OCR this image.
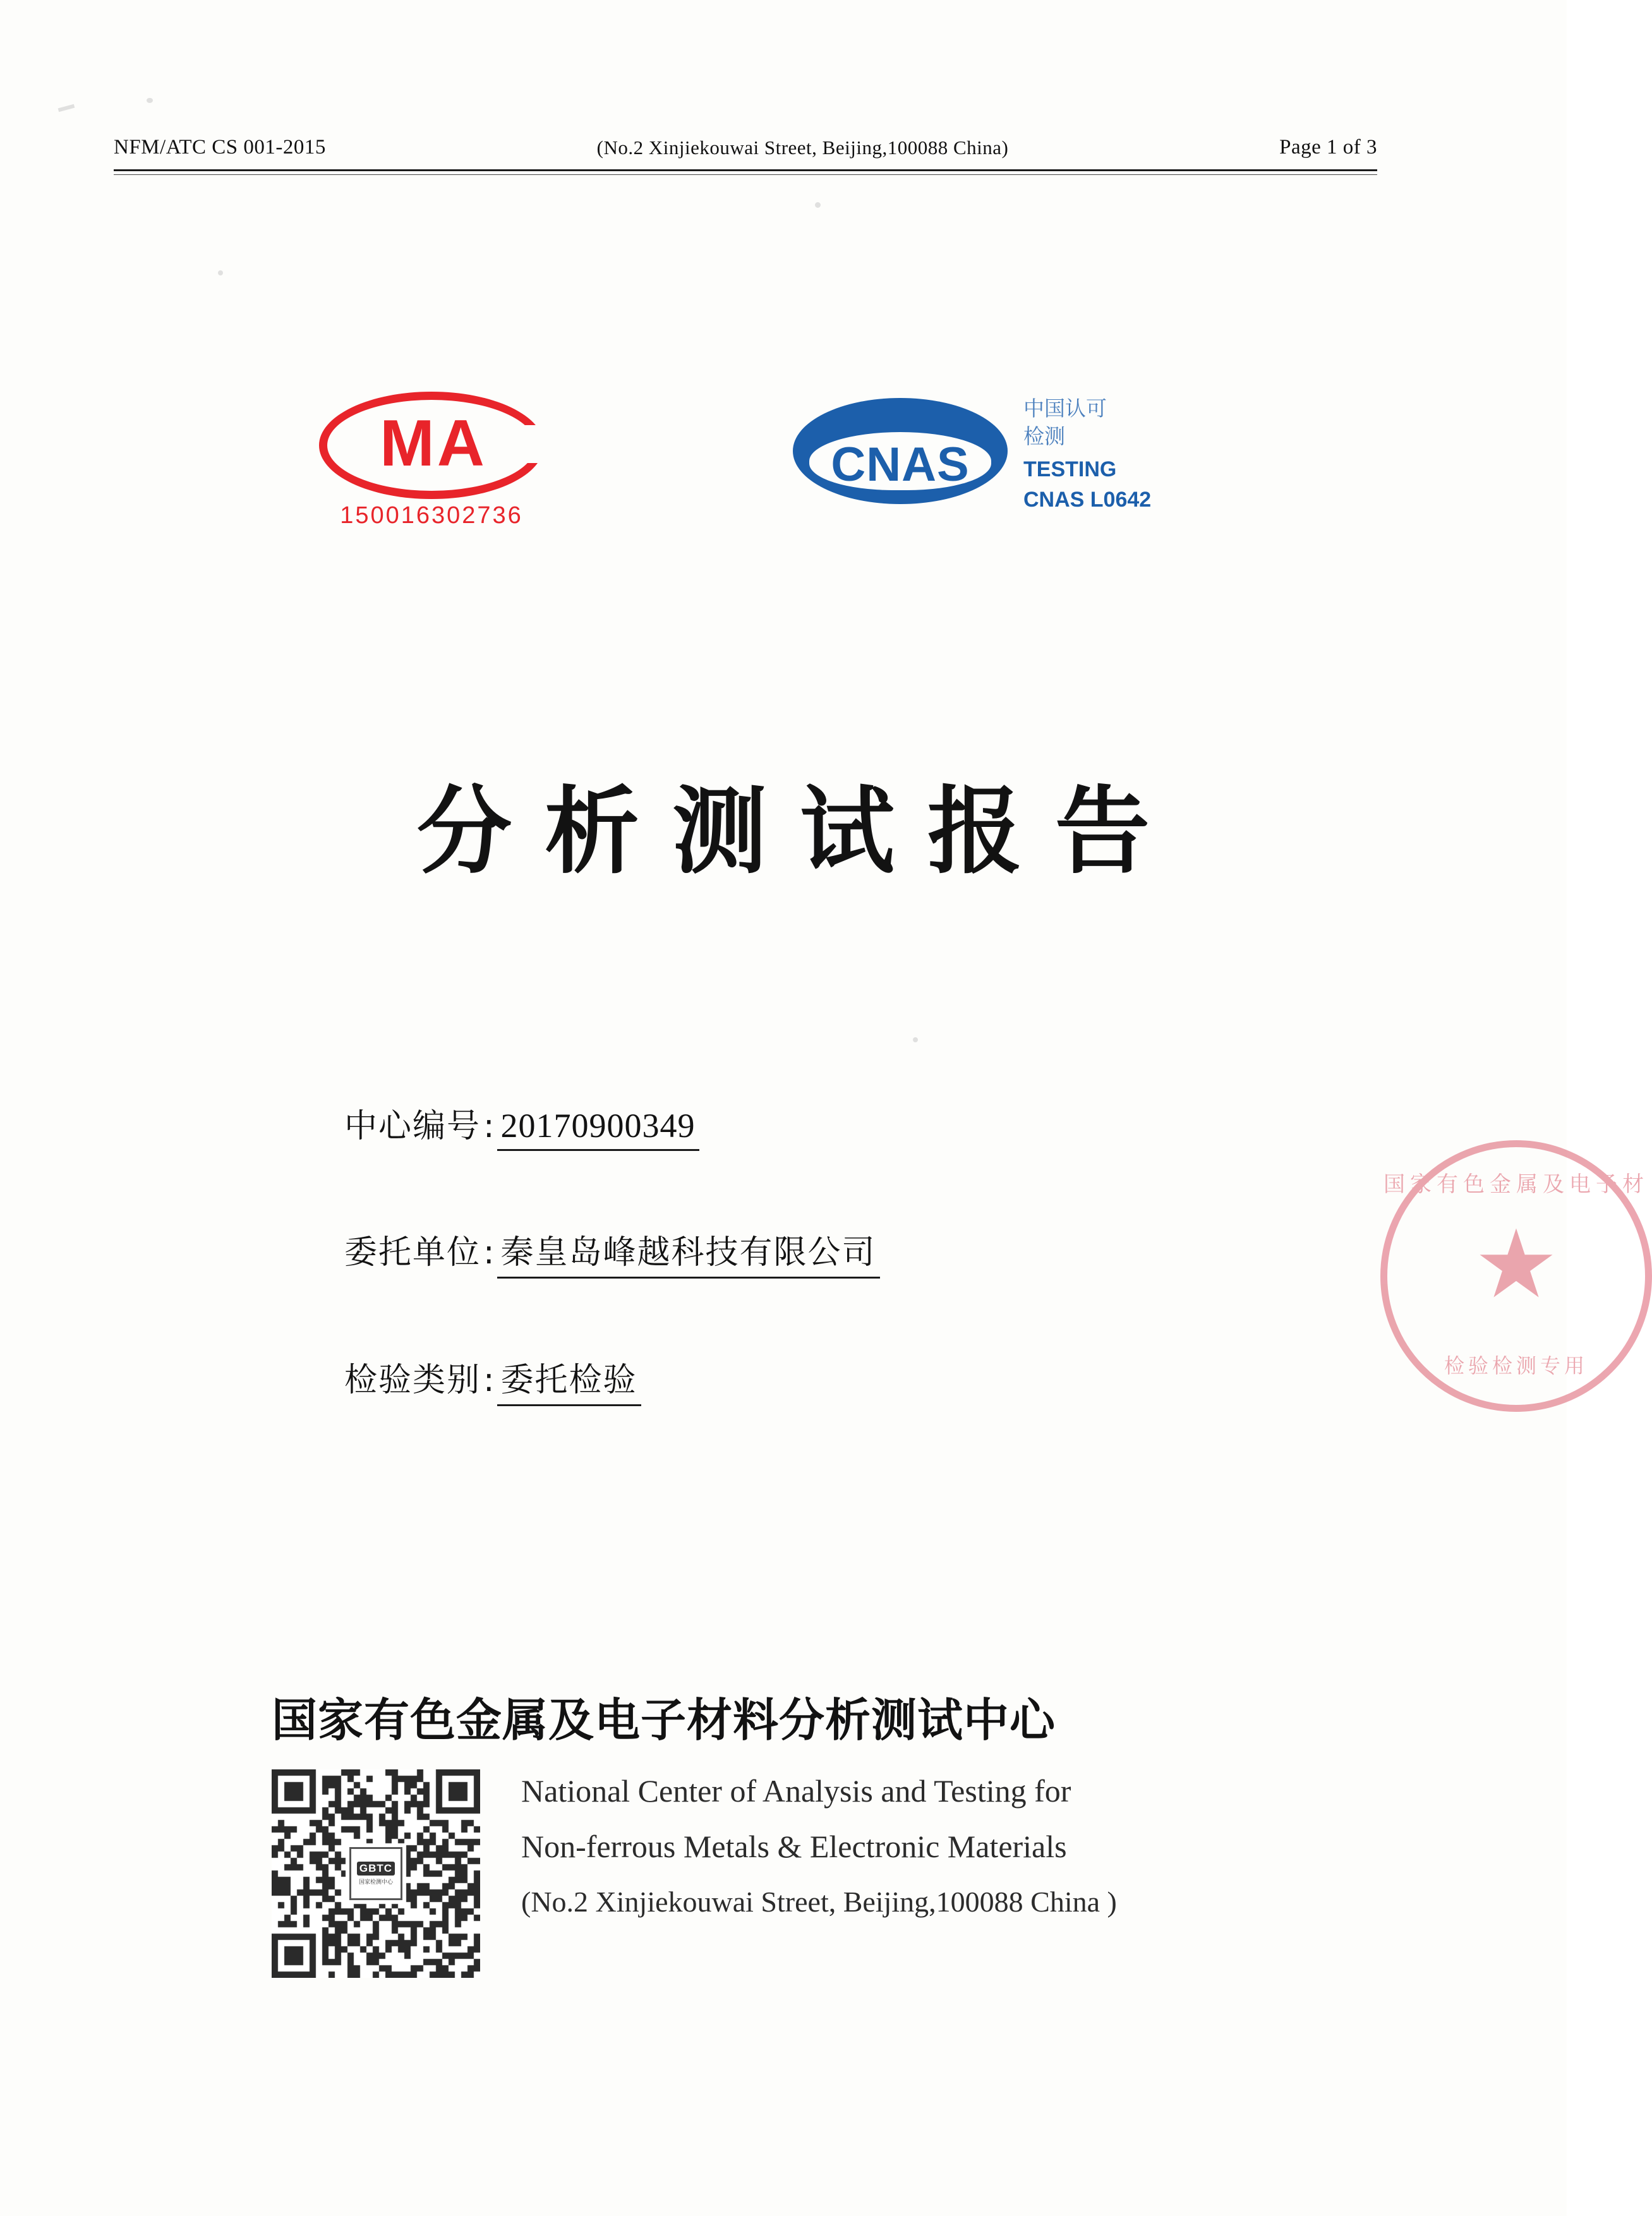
NFM/ATC CS 001-2015	(No.2 Xinjiekouwai Street, Beijing,100088 China)	Page 1 of 3
MA
150016302736
CNAS
中国认可
检测
TESTING
CNAS L0642
分析测试报告
中心编号 : 20170900349
委托单位 : 秦皇岛峰越科技有限公司
检验类别 : 委托检验
国家有色金属及电子材
★
检验检测专用
国家有色金属及电子材料分析测试中心
GBTC
国家检测中心
National Center of Analysis and Testing for
Non-ferrous Metals & Electronic Materials
(No.2 Xinjiekouwai Street, Beijing,100088 China )
